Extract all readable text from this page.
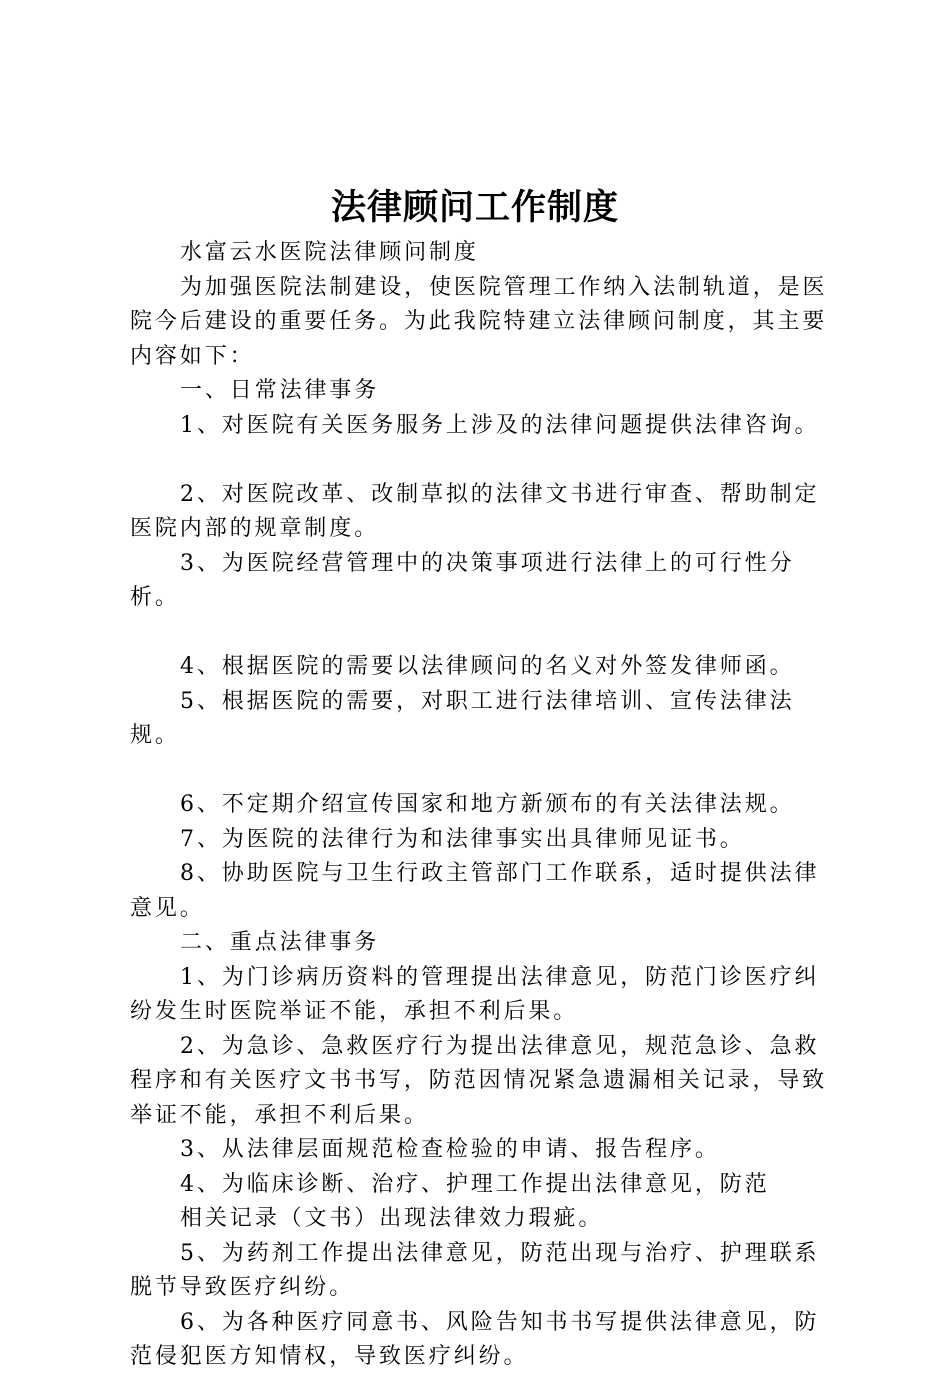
法律顾问工作制度

水富云水医院法律顾问制度

为加强医院法制建设，使医院管理工作纳入法制轨道，是医院今后建设的重要任务。为此我院特建立法律顾问制度，其主要内容如下：

一、日常法律事务

1、对医院有关医务服务上涉及的法律问题提供法律咨询。

2、对医院改革、改制草拟的法律文书进行审查、帮助制定医院内部的规章制度。

3、为医院经营管理中的决策事项进行法律上的可行性分析。

4、根据医院的需要以法律顾问的名义对外签发律师函。

5、根据医院的需要，对职工进行法律培训、宣传法律法规。

6、不定期介绍宣传国家和地方新颁布的有关法律法规。

7、为医院的法律行为和法律事实出具律师见证书。

8、协助医院与卫生行政主管部门工作联系，适时提供法律意见。

二、重点法律事务

1、为门诊病历资料的管理提出法律意见，防范门诊医疗纠纷发生时医院举证不能，承担不利后果。

2、为急诊、急救医疗行为提出法律意见，规范急诊、急救程序和有关医疗文书书写，防范因情况紧急遗漏相关记录，导致举证不能，承担不利后果。

3、从法律层面规范检查检验的申请、报告程序。

4、为临床诊断、治疗、护理工作提出法律意见，防范

相关记录（文书）出现法律效力瑕疵。

5、为药剂工作提出法律意见，防范出现与治疗、护理联系脱节导致医疗纠纷。

6、为各种医疗同意书、风险告知书书写提供法律意见，防范侵犯医方知情权，导致医疗纠纷。
